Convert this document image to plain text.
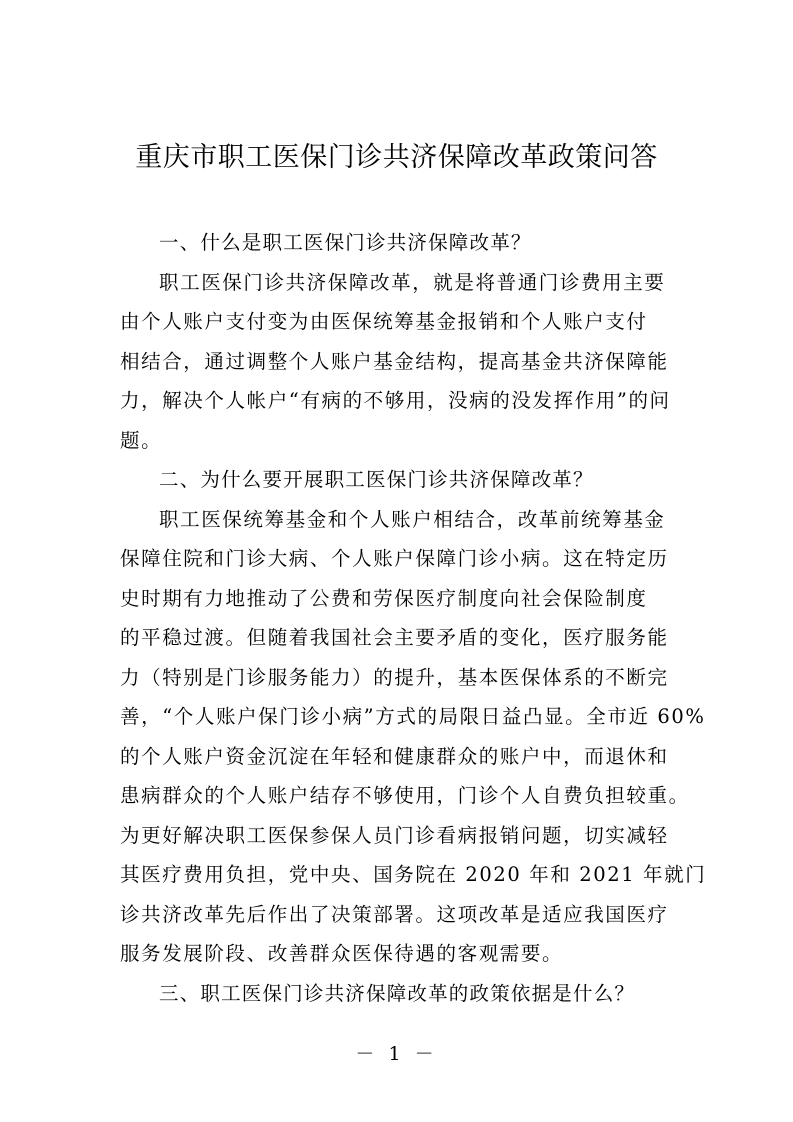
重庆市职工医保门诊共济保障改革政策问答

一、什么是职工医保门诊共济保障改革？

职工医保门诊共济保障改革，就是将普通门诊费用主要
由个人账户支付变为由医保统筹基金报销和个人账户支付
相结合，通过调整个人账户基金结构，提高基金共济保障能
力，解决个人帐户“有病的不够用，没病的没发挥作用”的问
题。

二、为什么要开展职工医保门诊共济保障改革？

职工医保统筹基金和个人账户相结合，改革前统筹基金
保障住院和门诊大病、个人账户保障门诊小病。这在特定历
史时期有力地推动了公费和劳保医疗制度向社会保险制度
的平稳过渡。但随着我国社会主要矛盾的变化，医疗服务能
力（特别是门诊服务能力）的提升，基本医保体系的不断完
善，“个人账户保门诊小病”方式的局限日益凸显。全市近 60%
的个人账户资金沉淀在年轻和健康群众的账户中，而退休和
患病群众的个人账户结存不够使用，门诊个人自费负担较重。
为更好解决职工医保参保人员门诊看病报销问题，切实减轻
其医疗费用负担，党中央、国务院在 2020 年和 2021 年就门
诊共济改革先后作出了决策部署。这项改革是适应我国医疗
服务发展阶段、改善群众医保待遇的客观需要。

三、职工医保门诊共济保障改革的政策依据是什么？

－ 1 －
